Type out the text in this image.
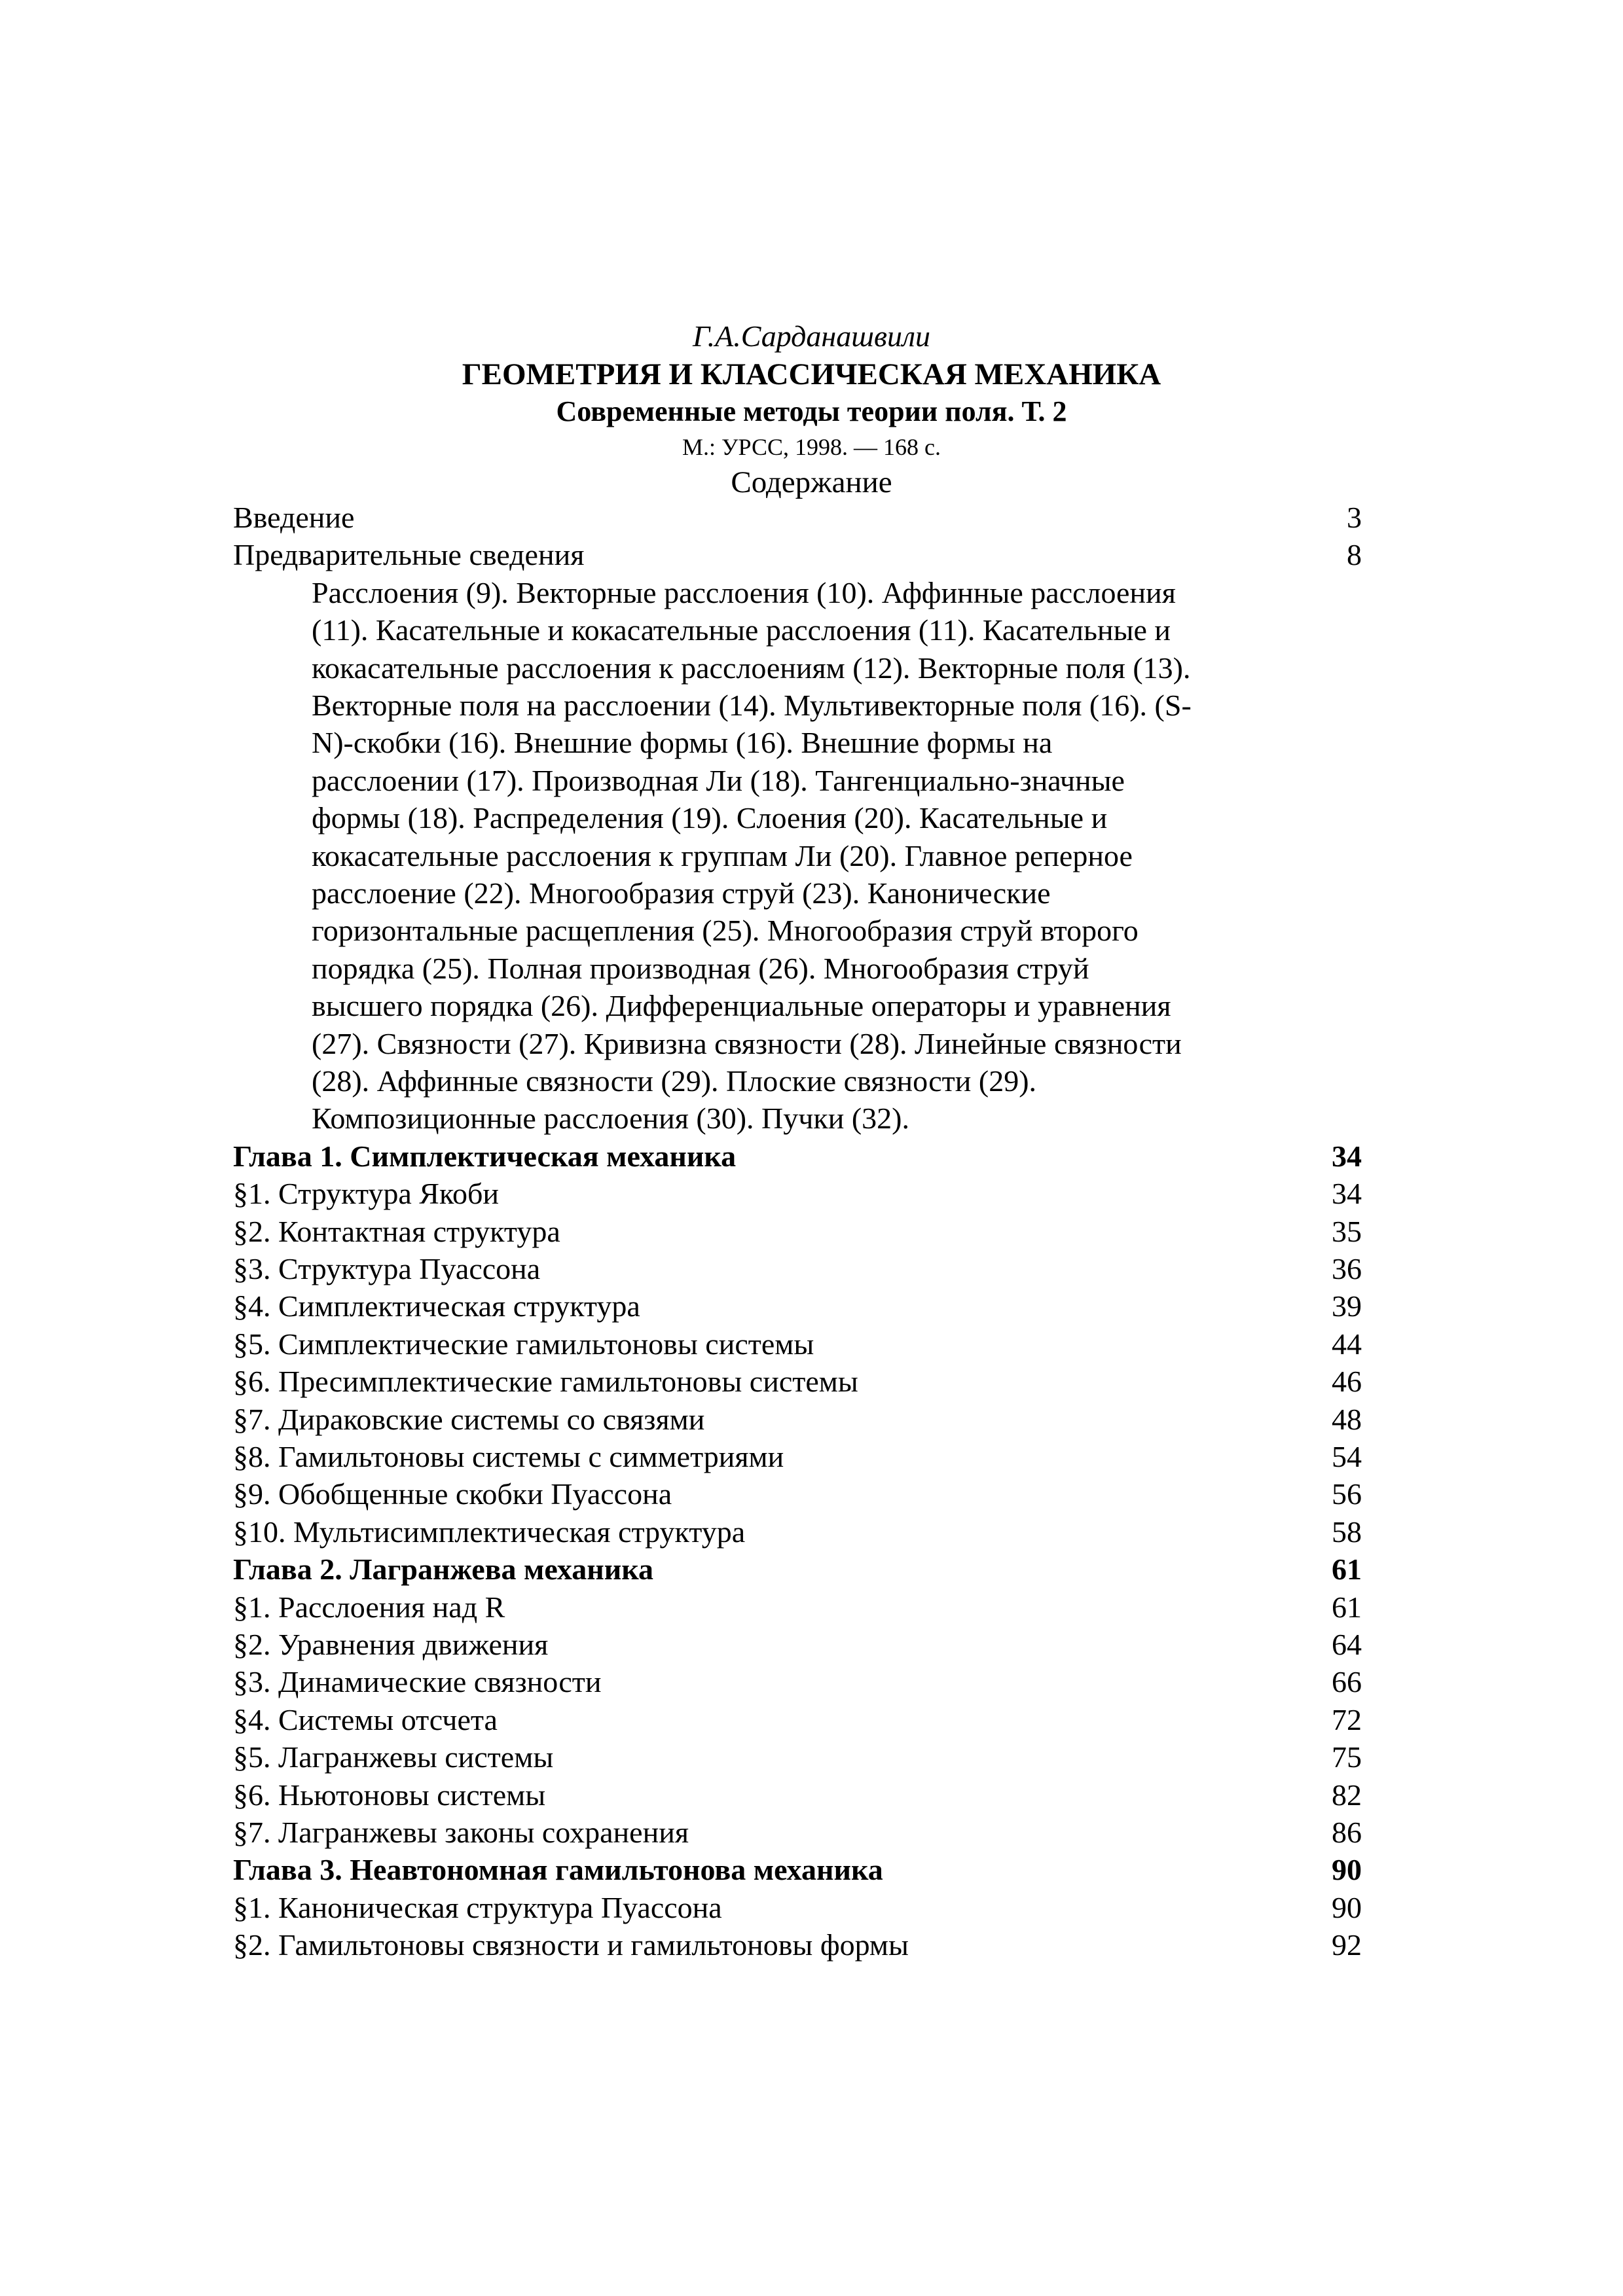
Г.А.Сарданашвили
ГЕОМЕТРИЯ И КЛАССИЧЕСКАЯ МЕХАНИКА
Современные методы теории поля. Т. 2
М.: УРСС, 1998. — 168 с.
Содержание
Введение	3
Предварительные сведения	8
Расслоения (9). Векторные расслоения (10). Аффинные расслоения
(11). Касательные и кокасательные расслоения (11). Касательные и
кокасательные расслоения к расслоениям (12). Векторные поля (13).
Векторные поля на расслоении (14). Мультивекторные поля (16). (S-
N)-скобки (16). Внешние формы (16). Внешние формы на
расслоении (17). Производная Ли (18). Тангенциально-значные
формы (18). Распределения (19). Слоения (20). Касательные и
кокасательные расслоения к группам Ли (20). Главное реперное
расслоение (22). Многообразия струй (23). Канонические
горизонтальные расщепления (25). Многообразия струй второго
порядка (25). Полная производная (26). Многообразия струй
высшего порядка (26). Дифференциальные операторы и уравнения
(27). Связности (27). Кривизна связности (28). Линейные связности
(28). Аффинные связности (29). Плоские связности (29).
Композиционные расслоения (30). Пучки (32).
Глава 1. Симплектическая механика	34
§1. Структура Якоби	34
§2. Контактная структура	35
§3. Структура Пуассона	36
§4. Симплектическая структура	39
§5. Симплектические гамильтоновы системы	44
§6. Пресимплектические гамильтоновы системы	46
§7. Дираковские системы со связями	48
§8. Гамильтоновы системы с симметриями	54
§9. Обобщенные скобки Пуассона	56
§10. Мультисимплектическая структура	58
Глава 2. Лагранжева механика	61
§1. Расслоения над R	61
§2. Уравнения движения	64
§3. Динамические связности	66
§4. Системы отсчета	72
§5. Лагранжевы системы	75
§6. Ньютоновы системы	82
§7. Лагранжевы законы сохранения	86
Глава 3. Неавтономная гамильтонова механика	90
§1. Каноническая структура Пуассона	90
§2. Гамильтоновы связности и гамильтоновы формы	92
